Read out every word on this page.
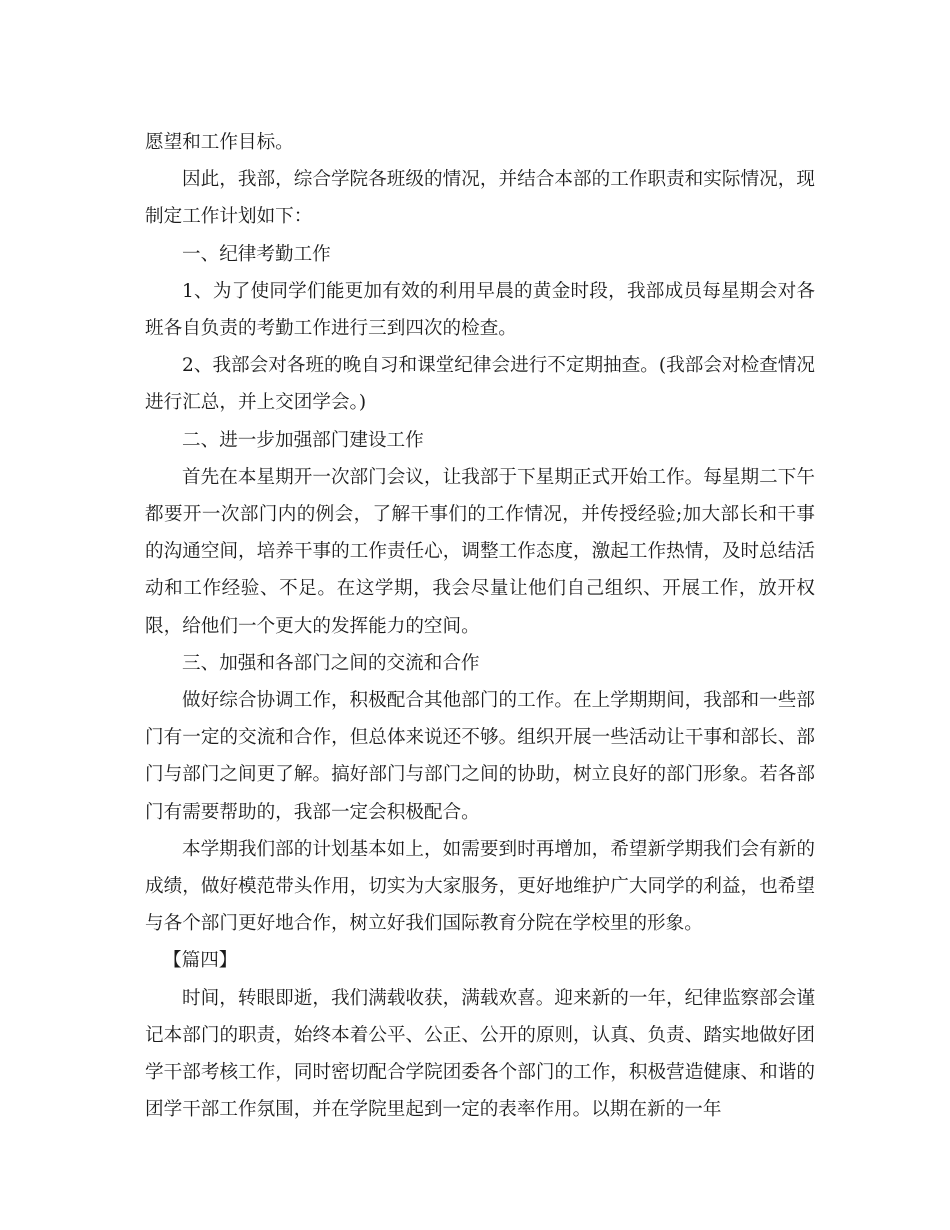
愿望和工作目标。

因此，我部，综合学院各班级的情况，并结合本部的工作职责和实际情况，现制定工作计划如下：

一、纪律考勤工作

1、为了使同学们能更加有效的利用早晨的黄金时段，我部成员每星期会对各班各自负责的考勤工作进行三到四次的检查。

2、我部会对各班的晚自习和课堂纪律会进行不定期抽查。(我部会对检查情况进行汇总，并上交团学会。)

二、进一步加强部门建设工作

首先在本星期开一次部门会议，让我部于下星期正式开始工作。每星期二下午都要开一次部门内的例会，了解干事们的工作情况，并传授经验;加大部长和干事的沟通空间，培养干事的工作责任心，调整工作态度，激起工作热情，及时总结活动和工作经验、不足。在这学期，我会尽量让他们自己组织、开展工作，放开权限，给他们一个更大的发挥能力的空间。

三、加强和各部门之间的交流和合作

做好综合协调工作，积极配合其他部门的工作。在上学期期间，我部和一些部门有一定的交流和合作，但总体来说还不够。组织开展一些活动让干事和部长、部门与部门之间更了解。搞好部门与部门之间的协助，树立良好的部门形象。若各部门有需要帮助的，我部一定会积极配合。

本学期我们部的计划基本如上，如需要到时再增加，希望新学期我们会有新的成绩，做好模范带头作用，切实为大家服务，更好地维护广大同学的利益，也希望与各个部门更好地合作，树立好我们国际教育分院在学校里的形象。

【篇四】

时间，转眼即逝，我们满载收获，满载欢喜。迎来新的一年，纪律监察部会谨记本部门的职责，始终本着公平、公正、公开的原则，认真、负责、踏实地做好团学干部考核工作，同时密切配合学院团委各个部门的工作，积极营造健康、和谐的团学干部工作氛围，并在学院里起到一定的表率作用。以期在新的一年
